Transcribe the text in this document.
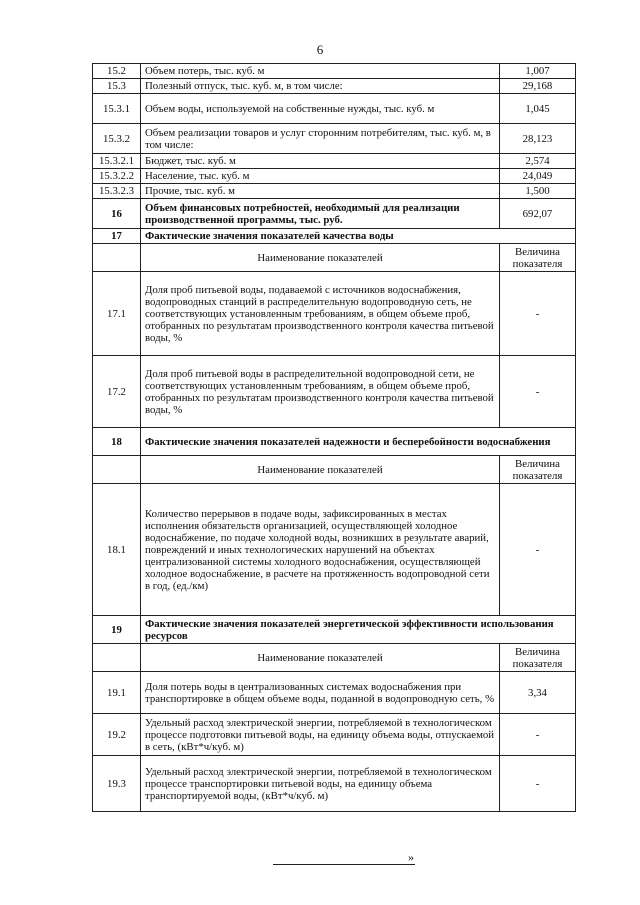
6
15.2	Объем потерь, тыс. куб. м	1,007
15.3	Полезный отпуск, тыс. куб. м, в том числе:	29,168
15.3.1	Объем воды, используемой на собственные нужды, тыс. куб. м	1,045
15.3.2	Объем реализации товаров и услуг сторонним потребителям, тыс. куб. м, в том числе:	28,123
15.3.2.1	Бюджет, тыс. куб. м	2,574
15.3.2.2	Население, тыс. куб. м	24,049
15.3.2.3	Прочие, тыс. куб. м	1,500
16	Объем финансовых потребностей, необходимый для реализации производственной программы, тыс. руб.	692,07
17	Фактические значения показателей качества воды	
	Наименование показателей	Величина показателя
17.1	Доля проб питьевой воды, подаваемой с источников водоснабжения, водопроводных станций в распределительную водопроводную сеть, не соответствующих установленным требованиям, в общем объеме проб, отобранных по результатам производственного контроля качества питьевой воды, %	-
17.2	Доля проб питьевой воды в распределительной водопроводной сети, не соответствующих установленным требованиям, в общем объеме проб, отобранных по результатам производственного контроля качества питьевой воды, %	-
18	Фактические значения показателей надежности и бесперебойности водоснабжения	
	Наименование показателей	Величина показателя
18.1	Количество перерывов в подаче воды, зафиксированных в местах исполнения обязательств организацией, осуществляющей холодное водоснабжение, по подаче холодной воды, возникших в результате аварий, повреждений и иных технологических нарушений на объектах централизованной системы холодного водоснабжения, осуществляющей холодное водоснабжение, в расчете на протяженность водопроводной сети в год, (ед./км)	-
19	Фактические значения показателей энергетической эффективности использования ресурсов	
	Наименование показателей	Величина показателя
19.1	Доля потерь воды в централизованных системах водоснабжения при транспортировке в общем объеме воды, поданной в водопроводную сеть, %	3,34
19.2	Удельный расход электрической энергии, потребляемой в технологическом процессе подготовки питьевой воды, на единицу объема воды, отпускаемой в сеть, (кВт*ч/куб. м)	-
19.3	Удельный расход электрической энергии, потребляемой в технологическом процессе транспортировки питьевой воды, на единицу объема транспортируемой воды, (кВт*ч/куб. м)	-
»
